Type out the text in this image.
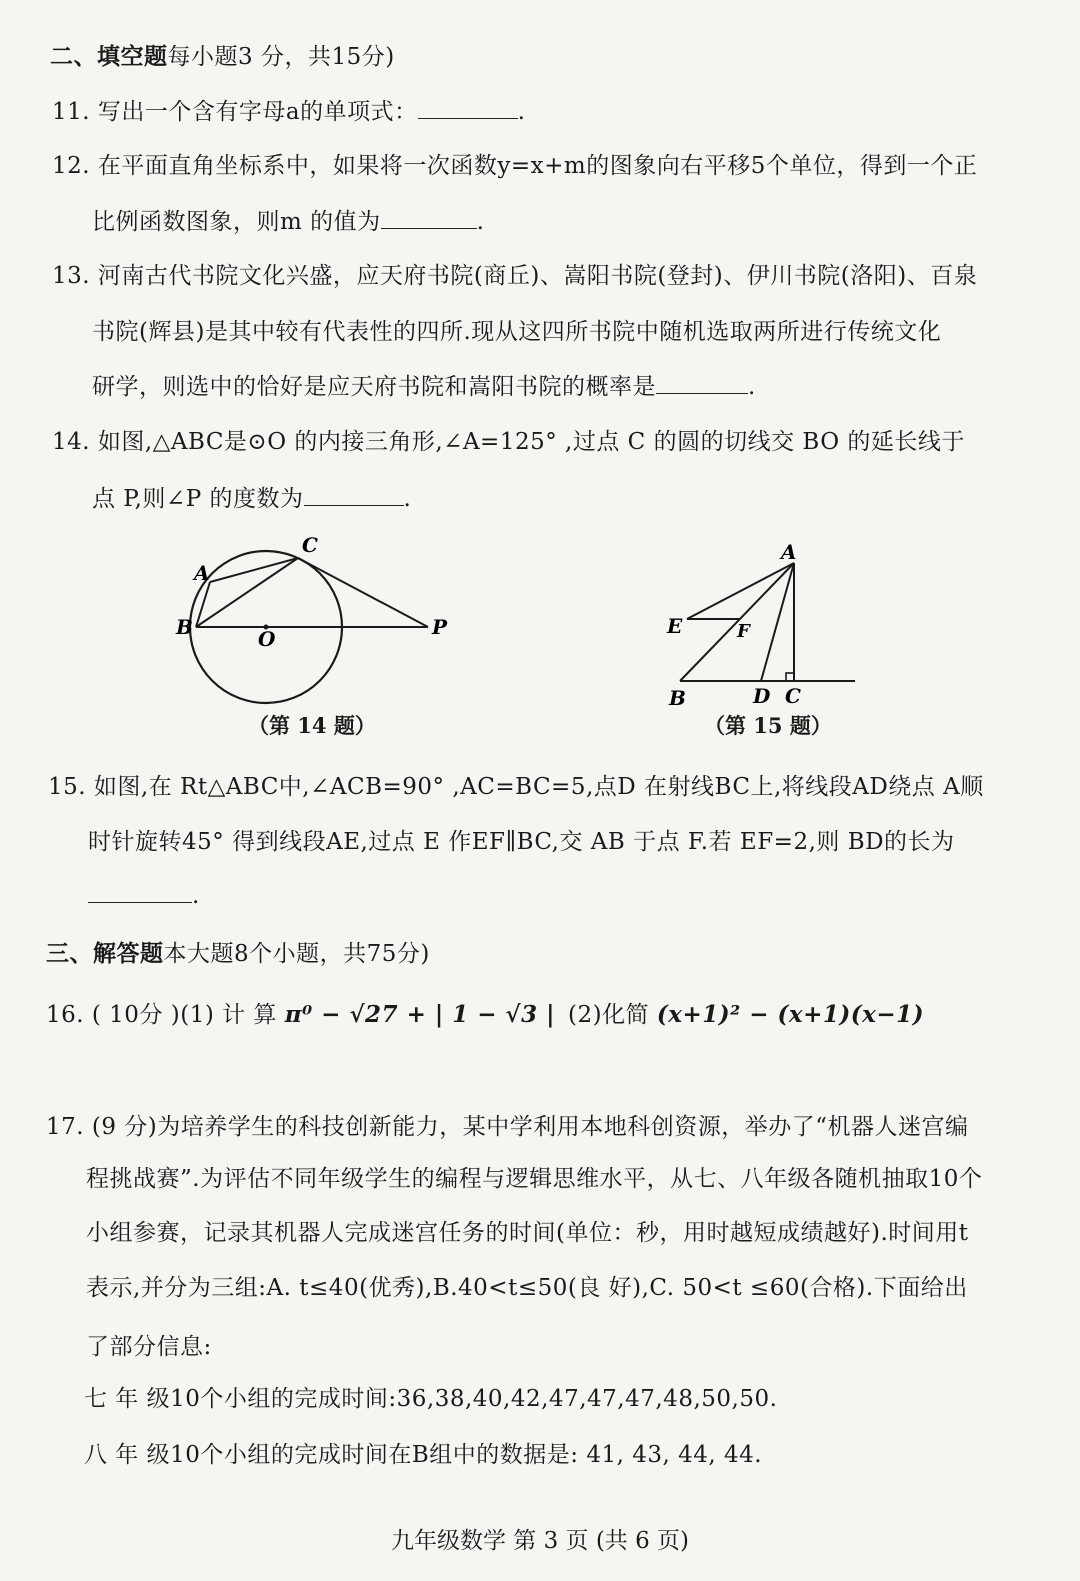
二、填空题每小题3 分，共15分)
11. 写出一个含有字母a的单项式：	.
12. 在平面直角坐标系中，如果将一次函数y=x+m的图象向右平移5个单位，得到一个正
比例函数图象，则m 的值为	.
13. 河南古代书院文化兴盛，应天府书院(商丘)、嵩阳书院(登封)、伊川书院(洛阳)、百泉
书院(辉县)是其中较有代表性的四所.现从这四所书院中随机选取两所进行传统文化
研学，则选中的恰好是应天府书院和嵩阳书院的概率是	.
14. 如图,△ABC是⊙O 的内接三角形,∠A=125° ,过点 C 的圆的切线交 BO 的延长线于
点 P,则∠P 的度数为	.
A
B
C
O	P
（第 14 题）
A
B	C
D
E	F
（第 15 题）
15. 如图,在 Rt△ABC中,∠ACB=90° ,AC=BC=5,点D 在射线BC上,将线段AD绕点 A顺
时针旋转45° 得到线段AE,过点 E 作EF∥BC,交 AB 于点 F.若 EF=2,则 BD的长为
.
三、解答题本大题8个小题，共75分)
16. ( 10分 )(1) 计 算 π⁰ − √27 + | 1 − √3 | (2)化简 (x+1)² − (x+1)(x−1)
17. (9 分)为培养学生的科技创新能力，某中学利用本地科创资源，举办了“机器人迷宫编
程挑战赛”.为评估不同年级学生的编程与逻辑思维水平，从七、八年级各随机抽取10个
小组参赛，记录其机器人完成迷宫任务的时间(单位：秒，用时越短成绩越好).时间用t
表示,并分为三组:A. t≤40(优秀),B.40<t≤50(良 好),C. 50<t ≤60(合格).下面给出
了部分信息:
七 年 级10个小组的完成时间:36,38,40,42,47,47,47,48,50,50.
八 年 级10个小组的完成时间在B组中的数据是: 41, 43, 44, 44.
九年级数学 第 3 页 (共 6 页)
